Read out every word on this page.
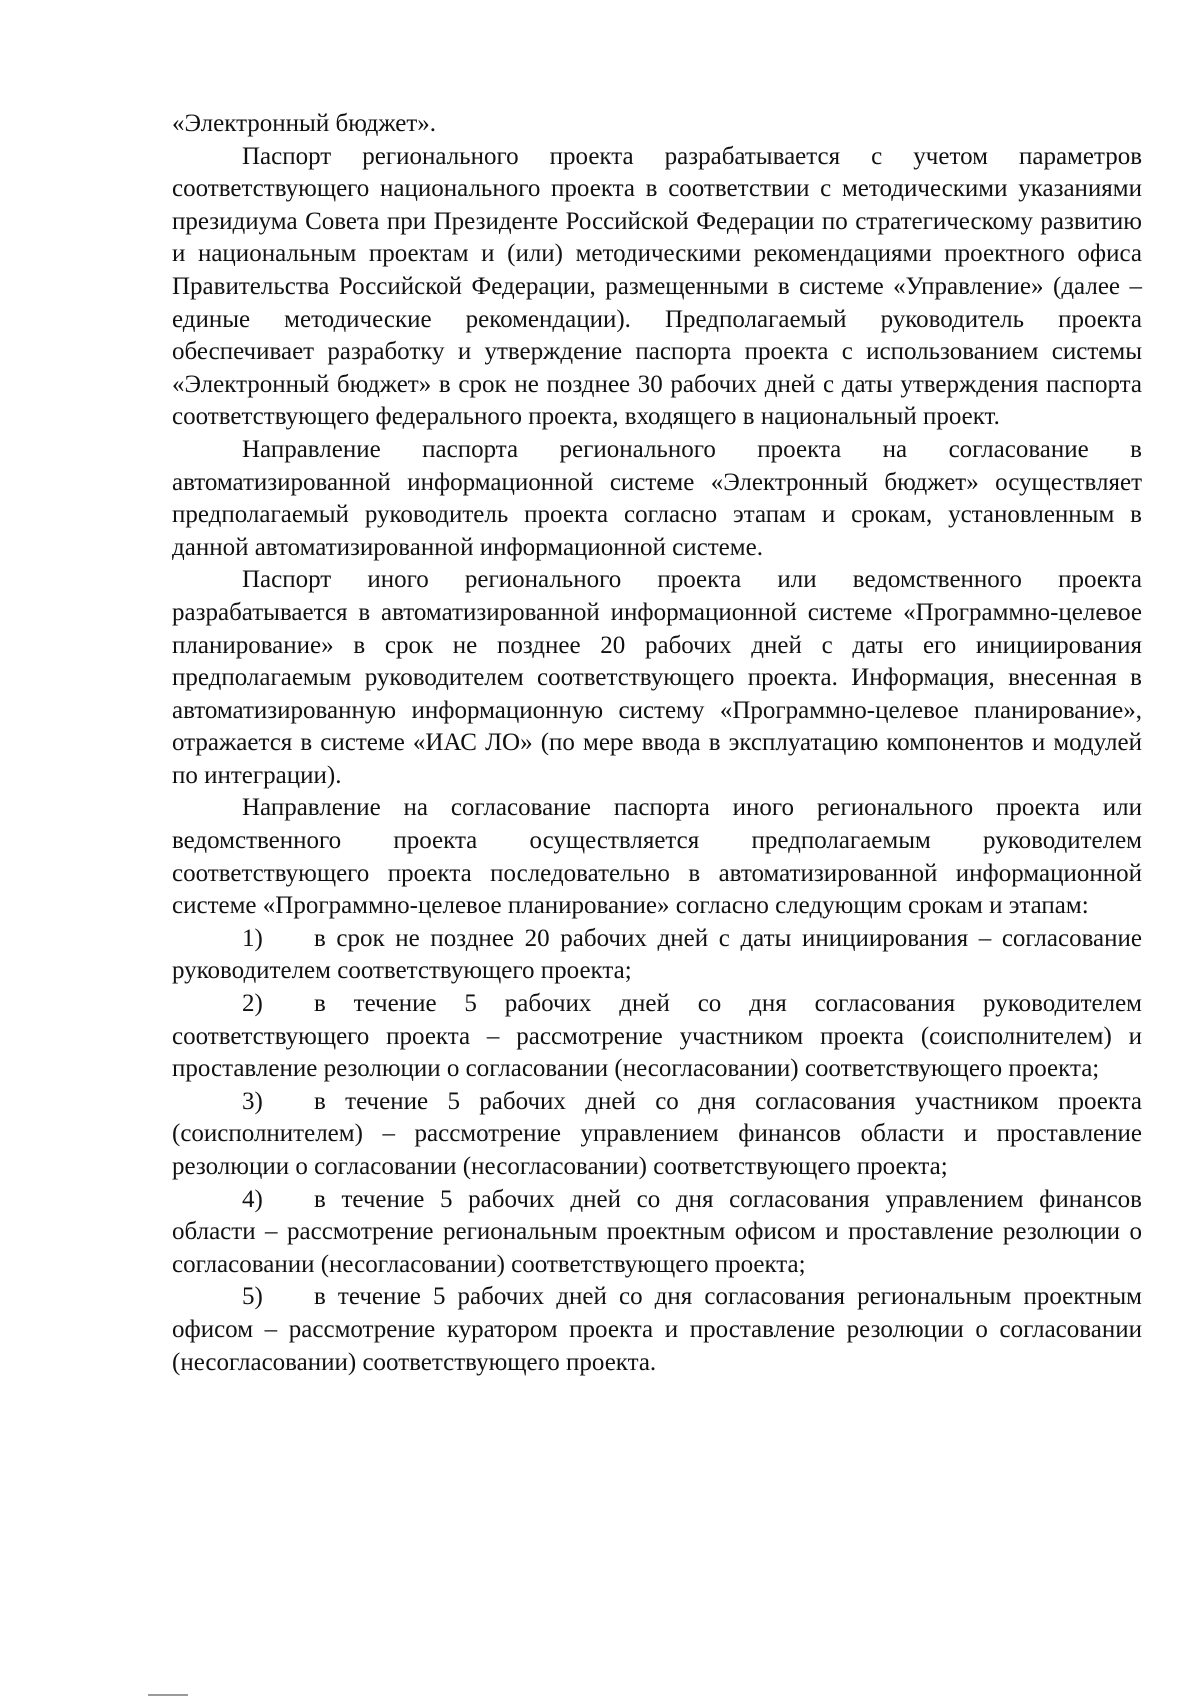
«Электронный бюджет».

Паспорт регионального проекта разрабатывается с учетом параметров соответствующего национального проекта в соответствии с методическими указаниями президиума Совета при Президенте Российской Федерации по стратегическому развитию и национальным проектам и (или) методическими рекомендациями проектного офиса Правительства Российской Федерации, размещенными в системе «Управление» (далее – единые методические рекомендации). Предполагаемый руководитель проекта обеспечивает разработку и утверждение паспорта проекта с использованием системы «Электронный бюджет» в срок не позднее 30 рабочих дней с даты утверждения паспорта соответствующего федерального проекта, входящего в национальный проект.

Направление паспорта регионального проекта на согласование в автоматизированной информационной системе «Электронный бюджет» осуществляет предполагаемый руководитель проекта согласно этапам и срокам, установленным в данной автоматизированной информационной системе.

Паспорт иного регионального проекта или ведомственного проекта разрабатывается в автоматизированной информационной системе «Программно-целевое планирование» в срок не позднее 20 рабочих дней с даты его инициирования предполагаемым руководителем соответствующего проекта. Информация, внесенная в автоматизированную информационную систему «Программно-целевое планирование», отражается в системе «ИАС ЛО» (по мере ввода в эксплуатацию компонентов и модулей по интеграции).

Направление на согласование паспорта иного регионального проекта или ведомственного проекта осуществляется предполагаемым руководителем соответствующего проекта последовательно в автоматизированной информационной системе «Программно-целевое планирование» согласно следующим срокам и этапам:

1) в срок не позднее 20 рабочих дней с даты инициирования – согласование руководителем соответствующего проекта;

2) в течение 5 рабочих дней со дня согласования руководителем соответствующего проекта – рассмотрение участником проекта (соисполнителем) и проставление резолюции о согласовании (несогласовании) соответствующего проекта;

3) в течение 5 рабочих дней со дня согласования участником проекта (соисполнителем) – рассмотрение управлением финансов области и проставление резолюции о согласовании (несогласовании) соответствующего проекта;

4) в течение 5 рабочих дней со дня согласования управлением финансов области – рассмотрение региональным проектным офисом и проставление резолюции о согласовании (несогласовании) соответствующего проекта;

5) в течение 5 рабочих дней со дня согласования региональным проектным офисом – рассмотрение куратором проекта и проставление резолюции о согласовании (несогласовании) соответствующего проекта.
